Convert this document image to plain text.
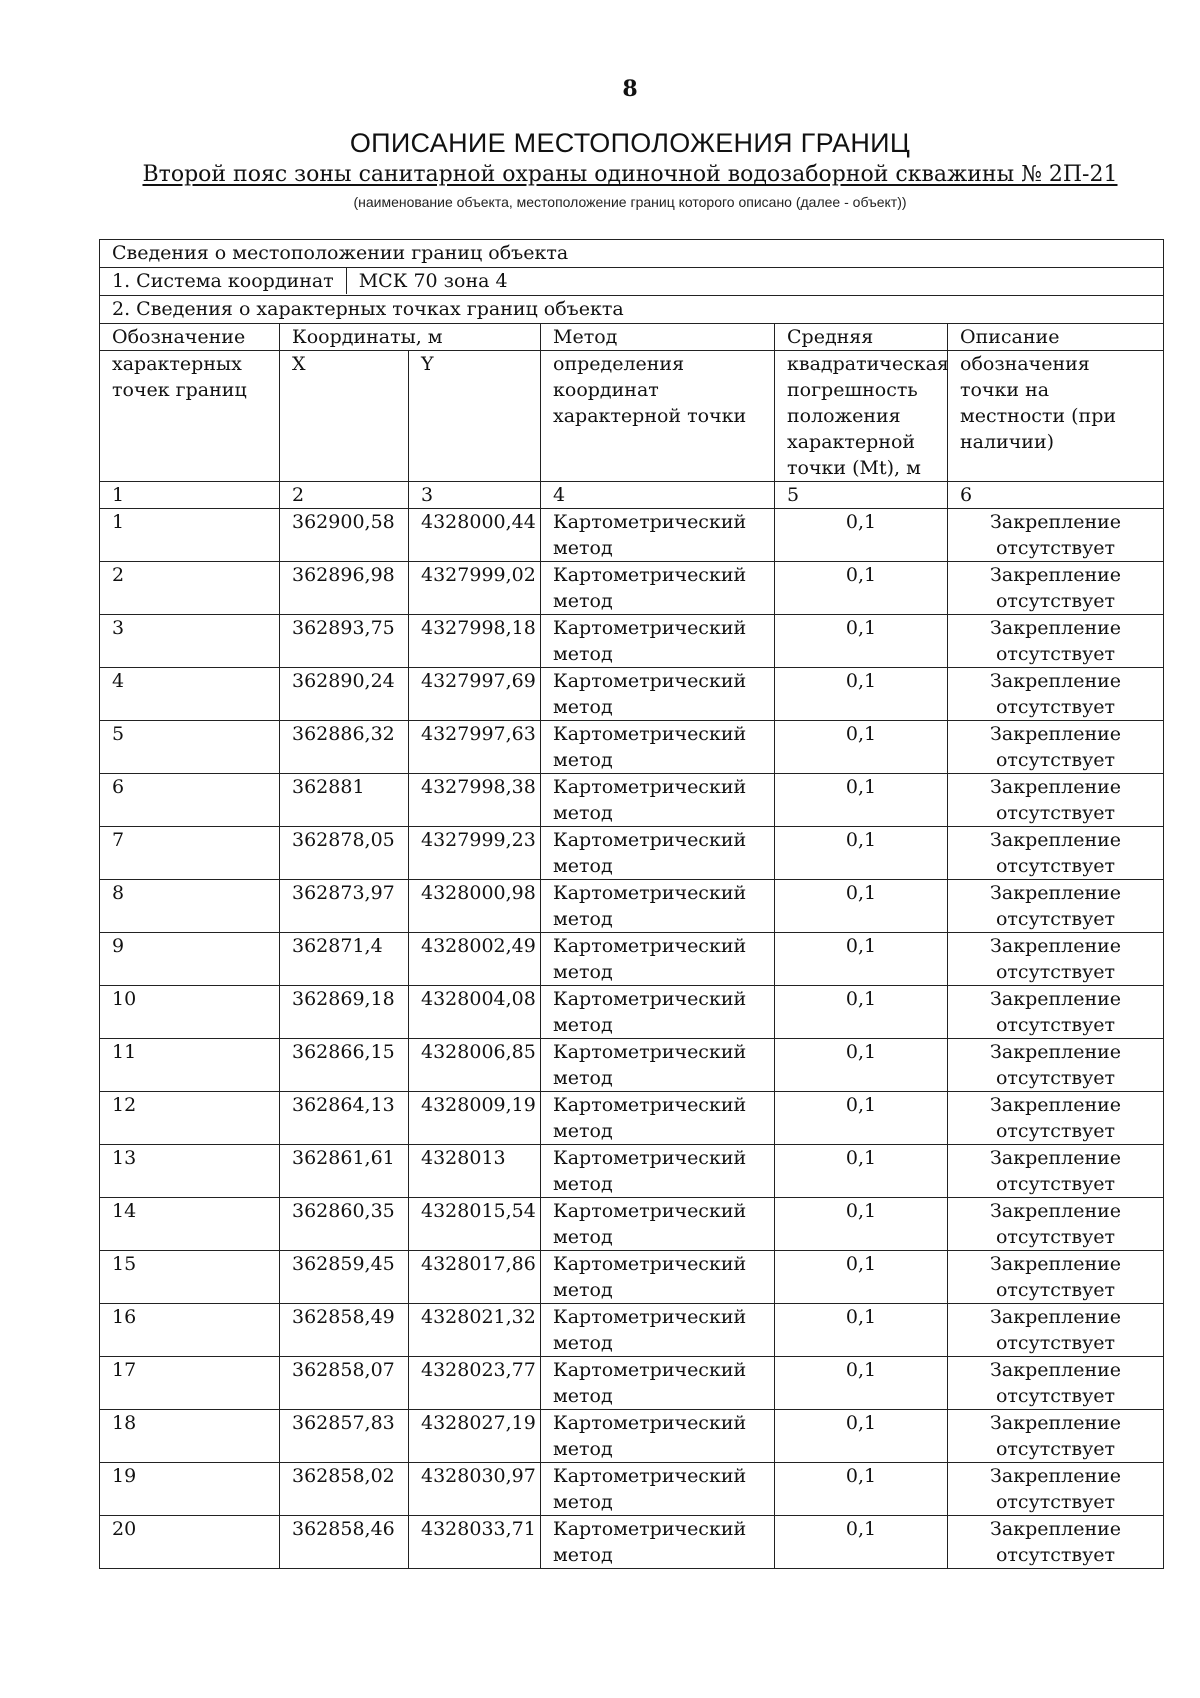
8
ОПИСАНИЕ МЕСТОПОЛОЖЕНИЯ ГРАНИЦ
Второй пояс зоны санитарной охраны одиночной водозаборной скважины № 2П-21
(наименование объекта, местоположение границ которого описано (далее - объект))
Сведения о местоположении границ объекта					
1. Система координат МСК 70 зона 4					
2. Сведения о характерных точках границ объекта					
Обозначение	Координаты, м		Метод	Средняя	Описание
характерных точек границ	X	Y	определения координат характерной точки	квадратическая погрешность положения характерной точки (Mt), м	обозначения точки на местности (при наличии)
1	2	3	4	5	6
1	362900,58	4328000,44	Картометрический метод	0,1	Закрепление отсутствует
2	362896,98	4327999,02	Картометрический метод	0,1	Закрепление отсутствует
3	362893,75	4327998,18	Картометрический метод	0,1	Закрепление отсутствует
4	362890,24	4327997,69	Картометрический метод	0,1	Закрепление отсутствует
5	362886,32	4327997,63	Картометрический метод	0,1	Закрепление отсутствует
6	362881	4327998,38	Картометрический метод	0,1	Закрепление отсутствует
7	362878,05	4327999,23	Картометрический метод	0,1	Закрепление отсутствует
8	362873,97	4328000,98	Картометрический метод	0,1	Закрепление отсутствует
9	362871,4	4328002,49	Картометрический метод	0,1	Закрепление отсутствует
10	362869,18	4328004,08	Картометрический метод	0,1	Закрепление отсутствует
11	362866,15	4328006,85	Картометрический метод	0,1	Закрепление отсутствует
12	362864,13	4328009,19	Картометрический метод	0,1	Закрепление отсутствует
13	362861,61	4328013	Картометрический метод	0,1	Закрепление отсутствует
14	362860,35	4328015,54	Картометрический метод	0,1	Закрепление отсутствует
15	362859,45	4328017,86	Картометрический метод	0,1	Закрепление отсутствует
16	362858,49	4328021,32	Картометрический метод	0,1	Закрепление отсутствует
17	362858,07	4328023,77	Картометрический метод	0,1	Закрепление отсутствует
18	362857,83	4328027,19	Картометрический метод	0,1	Закрепление отсутствует
19	362858,02	4328030,97	Картометрический метод	0,1	Закрепление отсутствует
20	362858,46	4328033,71	Картометрический метод	0,1	Закрепление отсутствует
